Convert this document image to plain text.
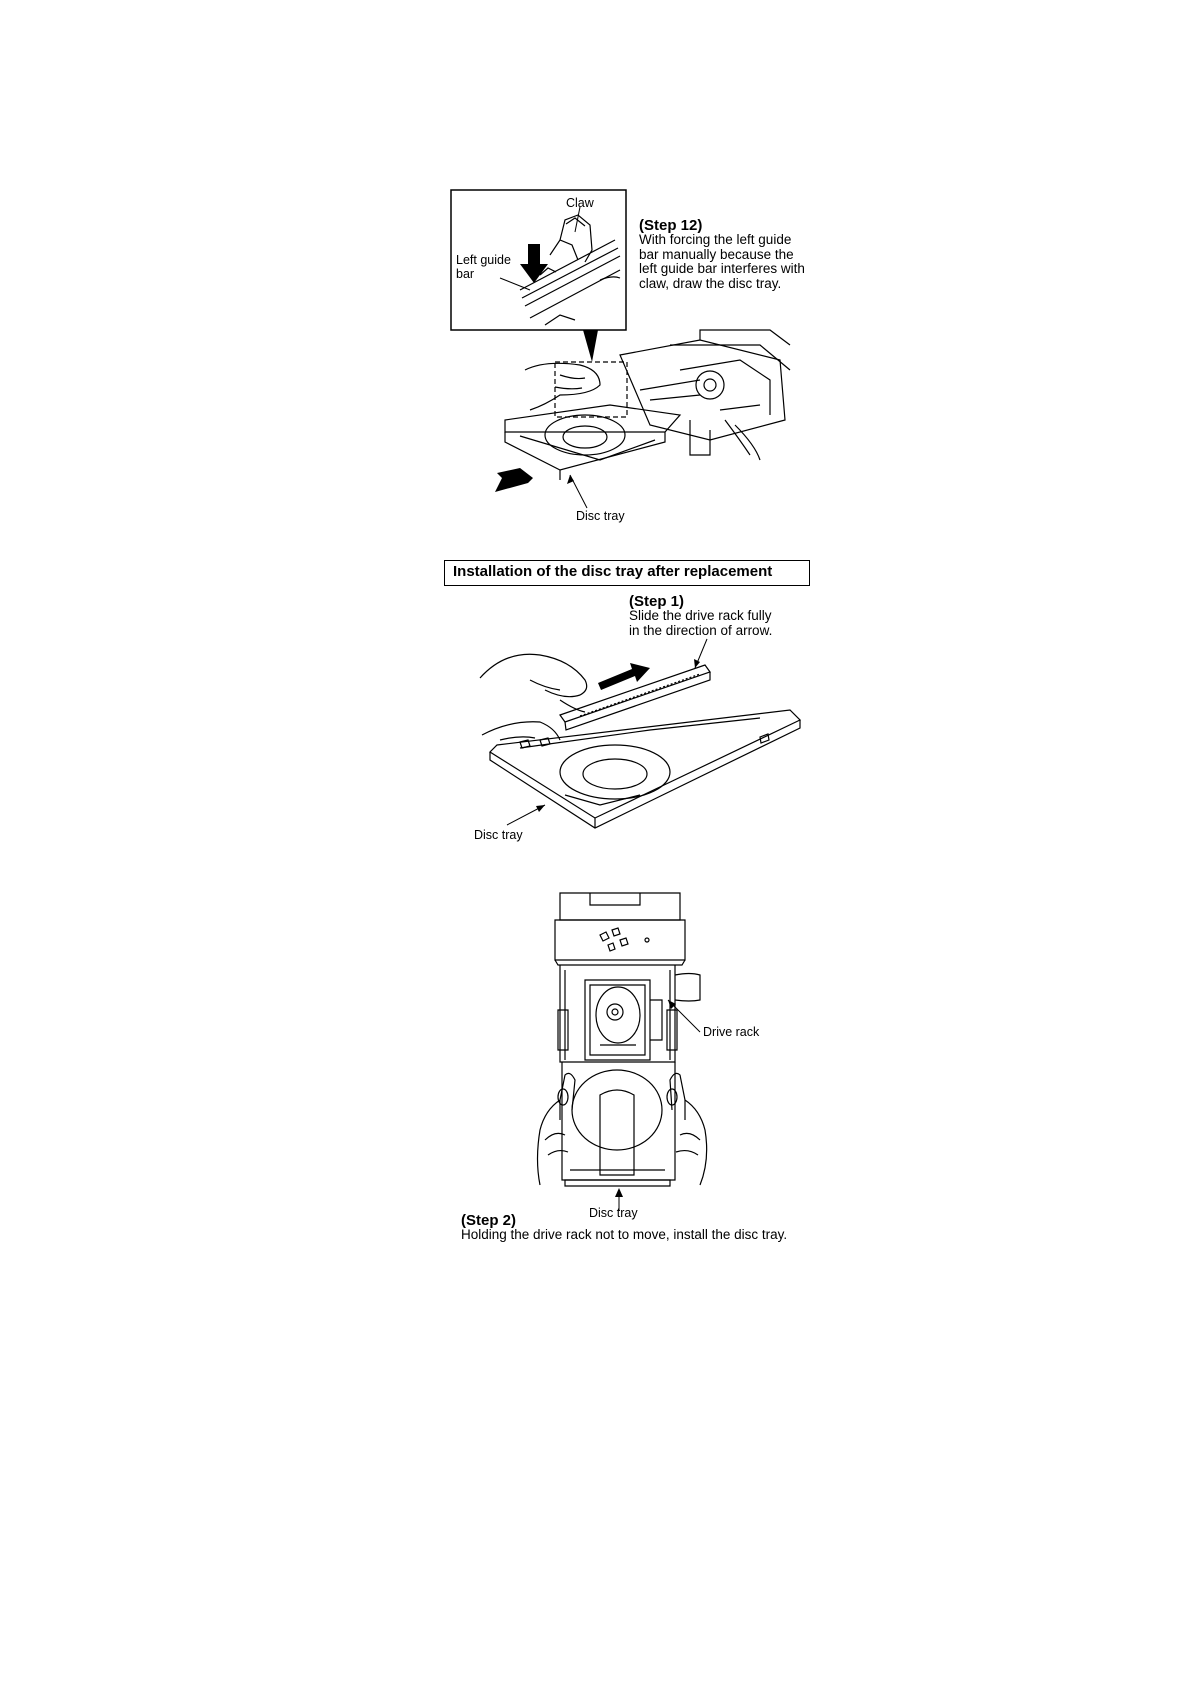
Claw
Left guide
bar
(Step 12)
With forcing the left guide
bar manually because the
left guide bar interferes with
claw, draw the disc tray.
Disc tray
Installation of the disc tray after replacement
(Step 1)
Slide the drive rack fully
in the direction of arrow.
Disc tray
Drive rack
Disc tray
(Step 2)
Holding the drive rack not to move, install the disc tray.
